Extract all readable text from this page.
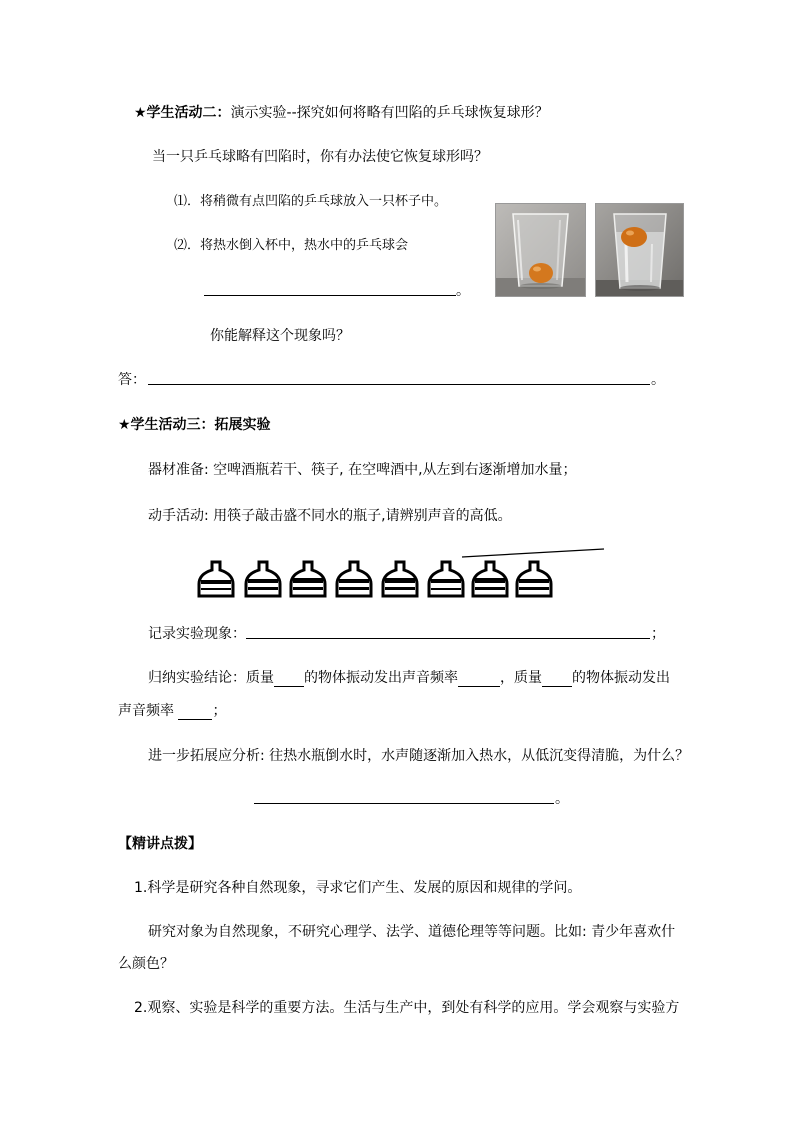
★学生活动二：演示实验--探究如何将略有凹陷的乒乓球恢复球形？
当一只乒乓球略有凹陷时，你有办法使它恢复球形吗？
⑴．将稍微有点凹陷的乒乓球放入一只杯子中。
⑵．将热水倒入杯中，热水中的乒乓球会
。
你能解释这个现象吗？
答：	。
★学生活动三：拓展实验
器材准备: 空啤酒瓶若干、筷子, 在空啤酒中,从左到右逐渐增加水量；
动手活动: 用筷子敲击盛不同水的瓶子,请辨别声音的高低。
记录实验现象：	；
归纳实验结论：质量 的物体振动发出声音频率	，质量 的物体振动发出
声音频率	；
进一步拓展应分析: 往热水瓶倒水时，水声随逐渐加入热水，从低沉变得清脆，为什么？
。
【精讲点拨】
1.科学是研究各种自然现象，寻求它们产生、发展的原因和规律的学问。
研究对象为自然现象，不研究心理学、法学、道德伦理等等问题。比如: 青少年喜欢什
么颜色？
2.观察、实验是科学的重要方法。生活与生产中，到处有科学的应用。学会观察与实验方
